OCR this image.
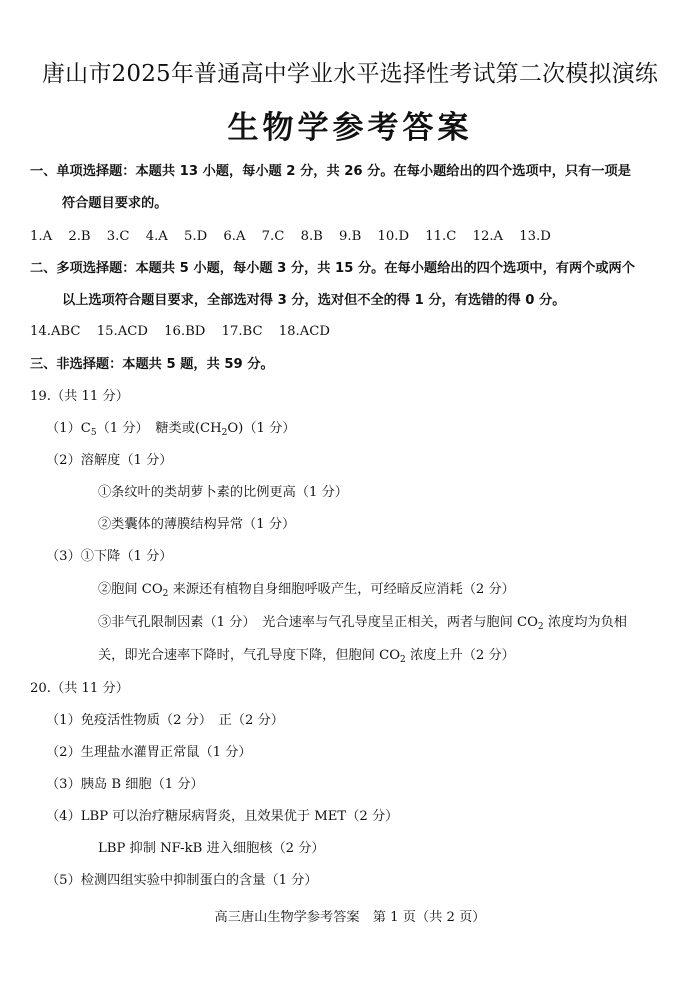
唐山市2025年普通高中学业水平选择性考试第二次模拟演练
生物学参考答案
一、单项选择题：本题共 13 小题，每小题 2 分，共 26 分。在每小题给出的四个选项中，只有一项是
符合题目要求的。
1.A 2.B 3.C 4.A 5.D 6.A 7.C 8.B 9.B 10.D 11.C 12.A 13.D
二、多项选择题：本题共 5 小题，每小题 3 分，共 15 分。在每小题给出的四个选项中，有两个或两个
以上选项符合题目要求，全部选对得 3 分，选对但不全的得 1 分，有选错的得 0 分。
14.ABC 15.ACD 16.BD 17.BC 18.ACD
三、非选择题：本题共 5 题，共 59 分。
19.（共 11 分）
$(1)C_5(1$ 分）　糖类或$(CH_2O)(1$ 分）
（2）溶解度（1 分）
①条纹叶的类胡萝卜素的比例更高（1 分）
②类囊体的薄膜结构异常（1 分）
（3）①下降（1 分）
②胞间 $CO_2$ 来源还有植物自身细胞呼吸产生，可经暗反应消耗（2 分）
③非气孔限制因素（1 分）　光合速率与气孔导度呈正相关，两者与胞间 $CO_2$ 浓度均为负相
关，即光合速率下降时，气孔导度下降，但胞间 $CO_2$ 浓度上升（2 分）
20.（共 11 分）
（1）免疫活性物质（2 分）　正（2 分）
（2）生理盐水灌胃正常鼠（1 分）
（3）胰岛 B 细胞（1 分）
（4）LBP 可以治疗糖尿病肾炎，且效果优于 MET（2 分）
LBP 抑制 NF-kB 进入细胞核（2 分）
（5）检测四组实验中抑制蛋白的含量（1 分）
高三唐山生物学参考答案　第 1 页（共 2 页）
